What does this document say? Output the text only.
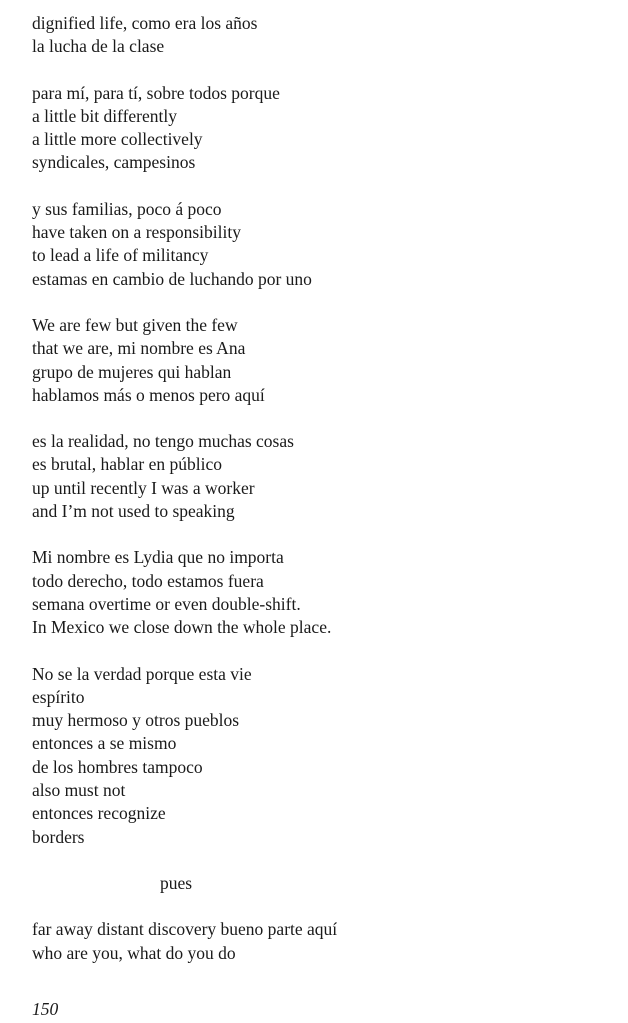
dignified life, como era los años
la lucha de la clase
para mí, para tí, sobre todos porque
a little bit differently
a little more collectively
syndicales, campesinos
y sus familias, poco á poco
have taken on a responsibility
to lead a life of militancy
estamas en cambio de luchando por uno
We are few but given the few
that we are, mi nombre es Ana
grupo de mujeres qui hablan
hablamos más o menos pero aquí
es la realidad, no tengo muchas cosas
es brutal, hablar en público
up until recently I was a worker
and I’m not used to speaking
Mi nombre es Lydia que no importa
todo derecho, todo estamos fuera
semana overtime or even double-shift.
In Mexico we close down the whole place.
No se la verdad porque esta vie
espírito
muy hermoso y otros pueblos
entonces a se mismo
de los hombres tampoco
also must not
entonces recognize
borders
pues
far away distant discovery bueno parte aquí
who are you, what do you do
150
